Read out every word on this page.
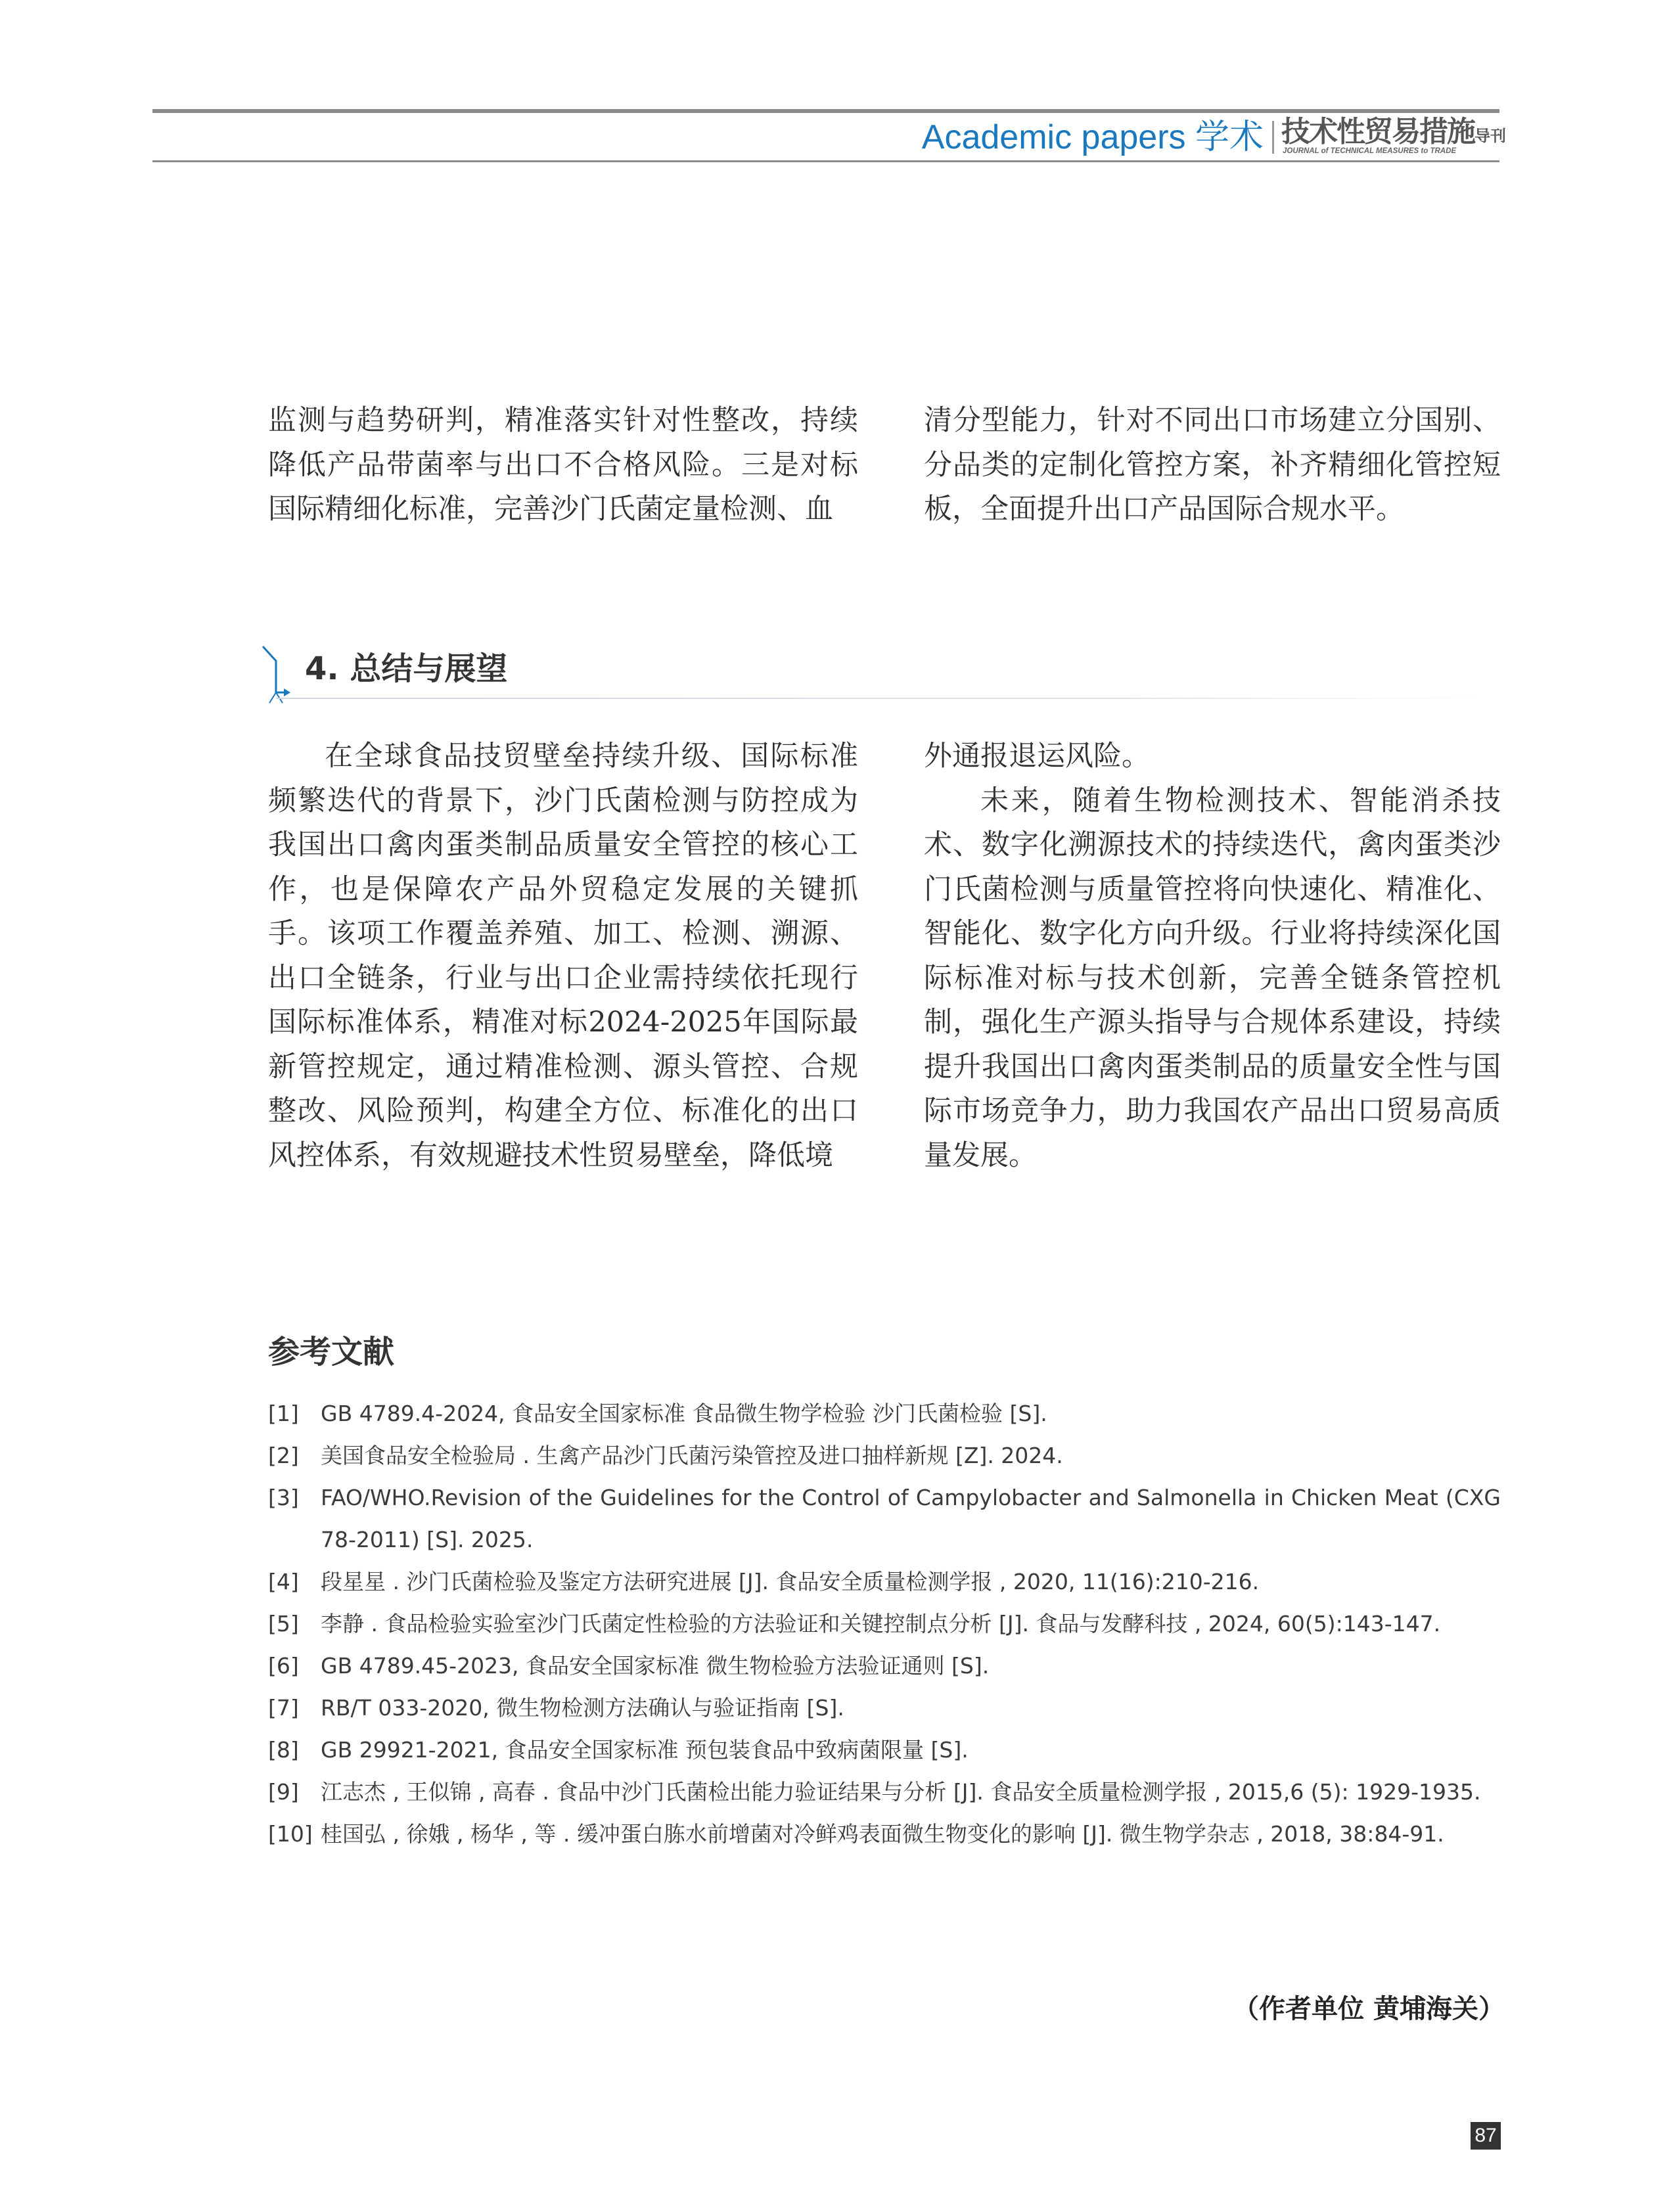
Academic papers 学术 技术性贸易措施导刊
JOURNAL of TECHNICAL MEASURES to TRADE

监测与趋势研判，精准落实针对性整改，持续降低产品带菌率与出口不合格风险。三是对标国际精细化标准，完善沙门氏菌定量检测、血

清分型能力，针对不同出口市场建立分国别、分品类的定制化管控方案，补齐精细化管控短板，全面提升出口产品国际合规水平。

4. 总结与展望

在全球食品技贸壁垒持续升级、国际标准频繁迭代的背景下，沙门氏菌检测与防控成为我国出口禽肉蛋类制品质量安全管控的核心工作，也是保障农产品外贸稳定发展的关键抓手。该项工作覆盖养殖、加工、检测、溯源、出口全链条，行业与出口企业需持续依托现行国际标准体系，精准对标2024-2025年国际最新管控规定，通过精准检测、源头管控、合规整改、风险预判，构建全方位、标准化的出口风控体系，有效规避技术性贸易壁垒，降低境

外通报退运风险。

未来，随着生物检测技术、智能消杀技术、数字化溯源技术的持续迭代，禽肉蛋类沙门氏菌检测与质量管控将向快速化、精准化、智能化、数字化方向升级。行业将持续深化国际标准对标与技术创新，完善全链条管控机制，强化生产源头指导与合规体系建设，持续提升我国出口禽肉蛋类制品的质量安全性与国际市场竞争力，助力我国农产品出口贸易高质量发展。

参考文献
[1]	GB 4789.4-2024, 食品安全国家标准 食品微生物学检验 沙门氏菌检验 [S].
[2]	美国食品安全检验局 . 生禽产品沙门氏菌污染管控及进口抽样新规 [Z]. 2024.
[3]	FAO/WHO.Revision of the Guidelines for the Control of Campylobacter and Salmonella in Chicken Meat (CXG 78-2011) [S]. 2025.
[4]	段星星 . 沙门氏菌检验及鉴定方法研究进展 [J]. 食品安全质量检测学报 , 2020, 11(16):210-216.
[5]	李静 . 食品检验实验室沙门氏菌定性检验的方法验证和关键控制点分析 [J]. 食品与发酵科技 , 2024, 60(5):143-147.
[6]	GB 4789.45-2023, 食品安全国家标准 微生物检验方法验证通则 [S].
[7]	RB/T 033-2020, 微生物检测方法确认与验证指南 [S].
[8]	GB 29921-2021, 食品安全国家标准 预包装食品中致病菌限量 [S].
[9]	江志杰 , 王似锦 , 高春 . 食品中沙门氏菌检出能力验证结果与分析 [J]. 食品安全质量检测学报 , 2015,6 (5): 1929-1935.
[10] 桂国弘 , 徐娥 , 杨华 , 等 . 缓冲蛋白胨水前增菌对冷鲜鸡表面微生物变化的影响 [J]. 微生物学杂志 , 2018, 38:84-91.
（作者单位 黄埔海关）
87
